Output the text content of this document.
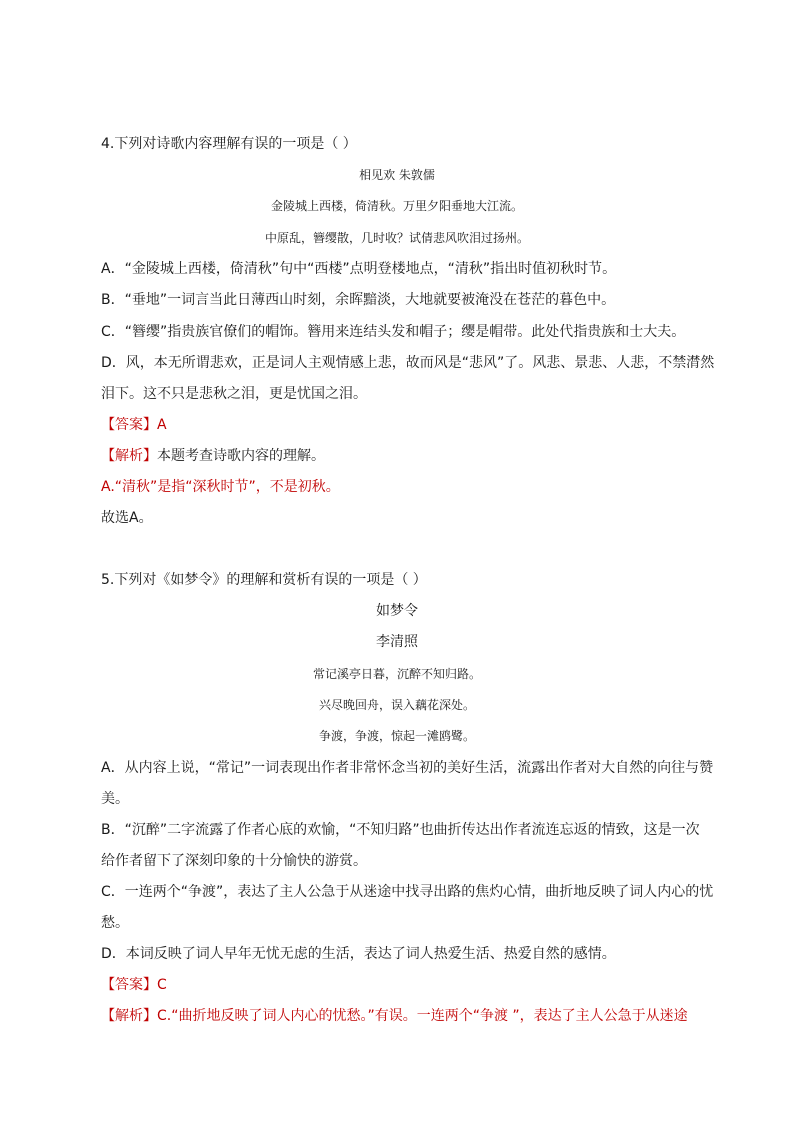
4.下列对诗歌内容理解有误的一项是（ ）
相见欢 朱敦儒
金陵城上西楼，倚清秋。万里夕阳垂地大江流。
中原乱，簪缨散，几时收？试倩悲风吹泪过扬州。
A．“金陵城上西楼，倚清秋”句中“西楼”点明登楼地点，“清秋”指出时值初秋时节。
B．“垂地”一词言当此日薄西山时刻，余晖黯淡，大地就要被淹没在苍茫的暮色中。
C．“簪缨”指贵族官僚们的帽饰。簪用来连结头发和帽子；缨是帽带。此处代指贵族和士大夫。
D．风，本无所谓悲欢，正是词人主观情感上悲，故而风是“悲风”了。风悲、景悲、人悲，不禁潸然
泪下。这不只是悲秋之泪，更是忧国之泪。
【答案】A
【解析】本题考查诗歌内容的理解。
A.“清秋”是指“深秋时节”，不是初秋。
故选A。
5.下列对《如梦令》的理解和赏析有误的一项是（ ）
如梦令
李清照
常记溪亭日暮，沉醉不知归路。
兴尽晚回舟，误入藕花深处。
争渡，争渡，惊起一滩鸥鹭。
A．从内容上说，“常记”一词表现出作者非常怀念当初的美好生活，流露出作者对大自然的向往与赞
美。
B．“沉醉”二字流露了作者心底的欢愉，“不知归路”也曲折传达出作者流连忘返的情致，这是一次
给作者留下了深刻印象的十分愉快的游赏。
C．一连两个“争渡”，表达了主人公急于从迷途中找寻出路的焦灼心情，曲折地反映了词人内心的忧
愁。
D．本词反映了词人早年无忧无虑的生活，表达了词人热爱生活、热爱自然的感情。
【答案】C
【解析】C.“曲折地反映了词人内心的忧愁。”有误。一连两个“争渡 ”，表达了主人公急于从迷途
